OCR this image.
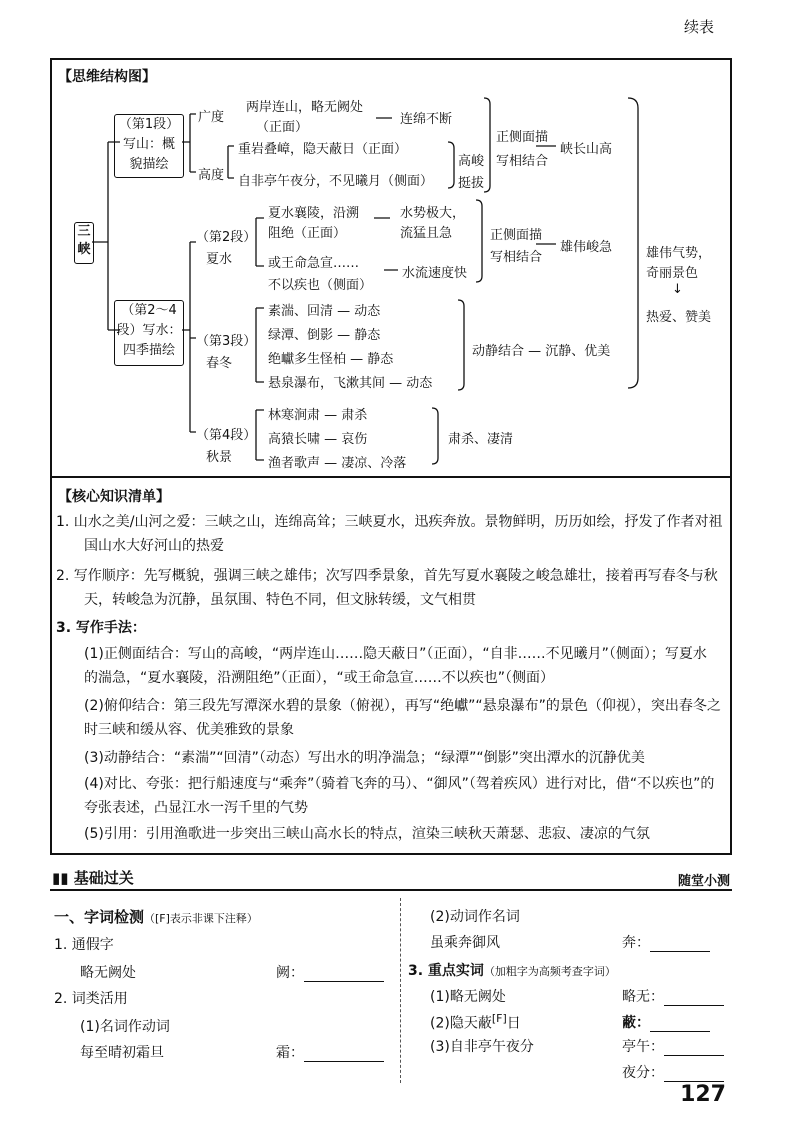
续表
【思维结构图】
三峡
（第1段）
写山：概
貌描绘
广度
高度
两岸连山，略无阙处
（正面）
连绵不断
重岩叠嶂，隐天蔽日（正面）
自非亭午夜分，不见曦月（侧面）
高峻
挺拔
正侧面描
写相结合
峡长山高
（第2～4
段）写水：
四季描绘
（第2段）
夏水
夏水襄陵，沿溯
阻绝（正面）
水势极大，
流猛且急
或王命急宣……
不以疾也（侧面）
水流速度快
正侧面描
写相结合
雄伟峻急
（第3段）
春冬
素湍、回清 — 动态
绿潭、倒影 — 静态
绝巘多生怪柏 — 静态
悬泉瀑布，飞漱其间 — 动态
动静结合 — 沉静、优美
（第4段）
秋景
林寒涧肃 — 肃杀
高猿长啸 — 哀伤
渔者歌声 — 凄凉、冷落
肃杀、凄清
雄伟气势，
奇丽景色
↓
热爱、赞美
【核心知识清单】
1. 山水之美/山河之爱：三峡之山，连绵高耸；三峡夏水，迅疾奔放。景物鲜明，历历如绘，抒发了作者对祖
国山水大好河山的热爱
2. 写作顺序：先写概貌，强调三峡之雄伟；次写四季景象，首先写夏水襄陵之峻急雄壮，接着再写春冬与秋
天，转峻急为沉静，虽氛围、特色不同，但文脉转缓，文气相贯
3. 写作手法：
(1)正侧面结合：写山的高峻，“两岸连山……隐天蔽日”（正面），“自非……不见曦月”（侧面）；写夏水
的湍急，“夏水襄陵，沿溯阻绝”（正面），“或王命急宣……不以疾也”（侧面）
(2)俯仰结合：第三段先写潭深水碧的景象（俯视），再写“绝巘”“悬泉瀑布”的景色（仰视），突出春冬之
时三峡和缓从容、优美雅致的景象
(3)动静结合：“素湍”“回清”（动态）写出水的明净湍急；“绿潭”“倒影”突出潭水的沉静优美
(4)对比、夸张：把行船速度与“乘奔”（骑着飞奔的马）、“御风”（驾着疾风）进行对比，借“不以疾也”的
夸张表述，凸显江水一泻千里的气势
(5)引用：引用渔歌进一步突出三峡山高水长的特点，渲染三峡秋天萧瑟、悲寂、凄凉的气氛
▮▮ 基础过关	随堂小测
一、字词检测（[F]表示非课下注释）
1. 通假字
略无阙处	阙：
2. 词类活用
(1)名词作动词
每至晴初霜旦	霜：
(2)动词作名词
虽乘奔御风	奔：
3. 重点实词（加粗字为高频考查字词）
(1)略无阙处	略无：
(2)隐天蔽[F]日	蔽：
(3)自非亭午夜分	亭午：
夜分：
127
